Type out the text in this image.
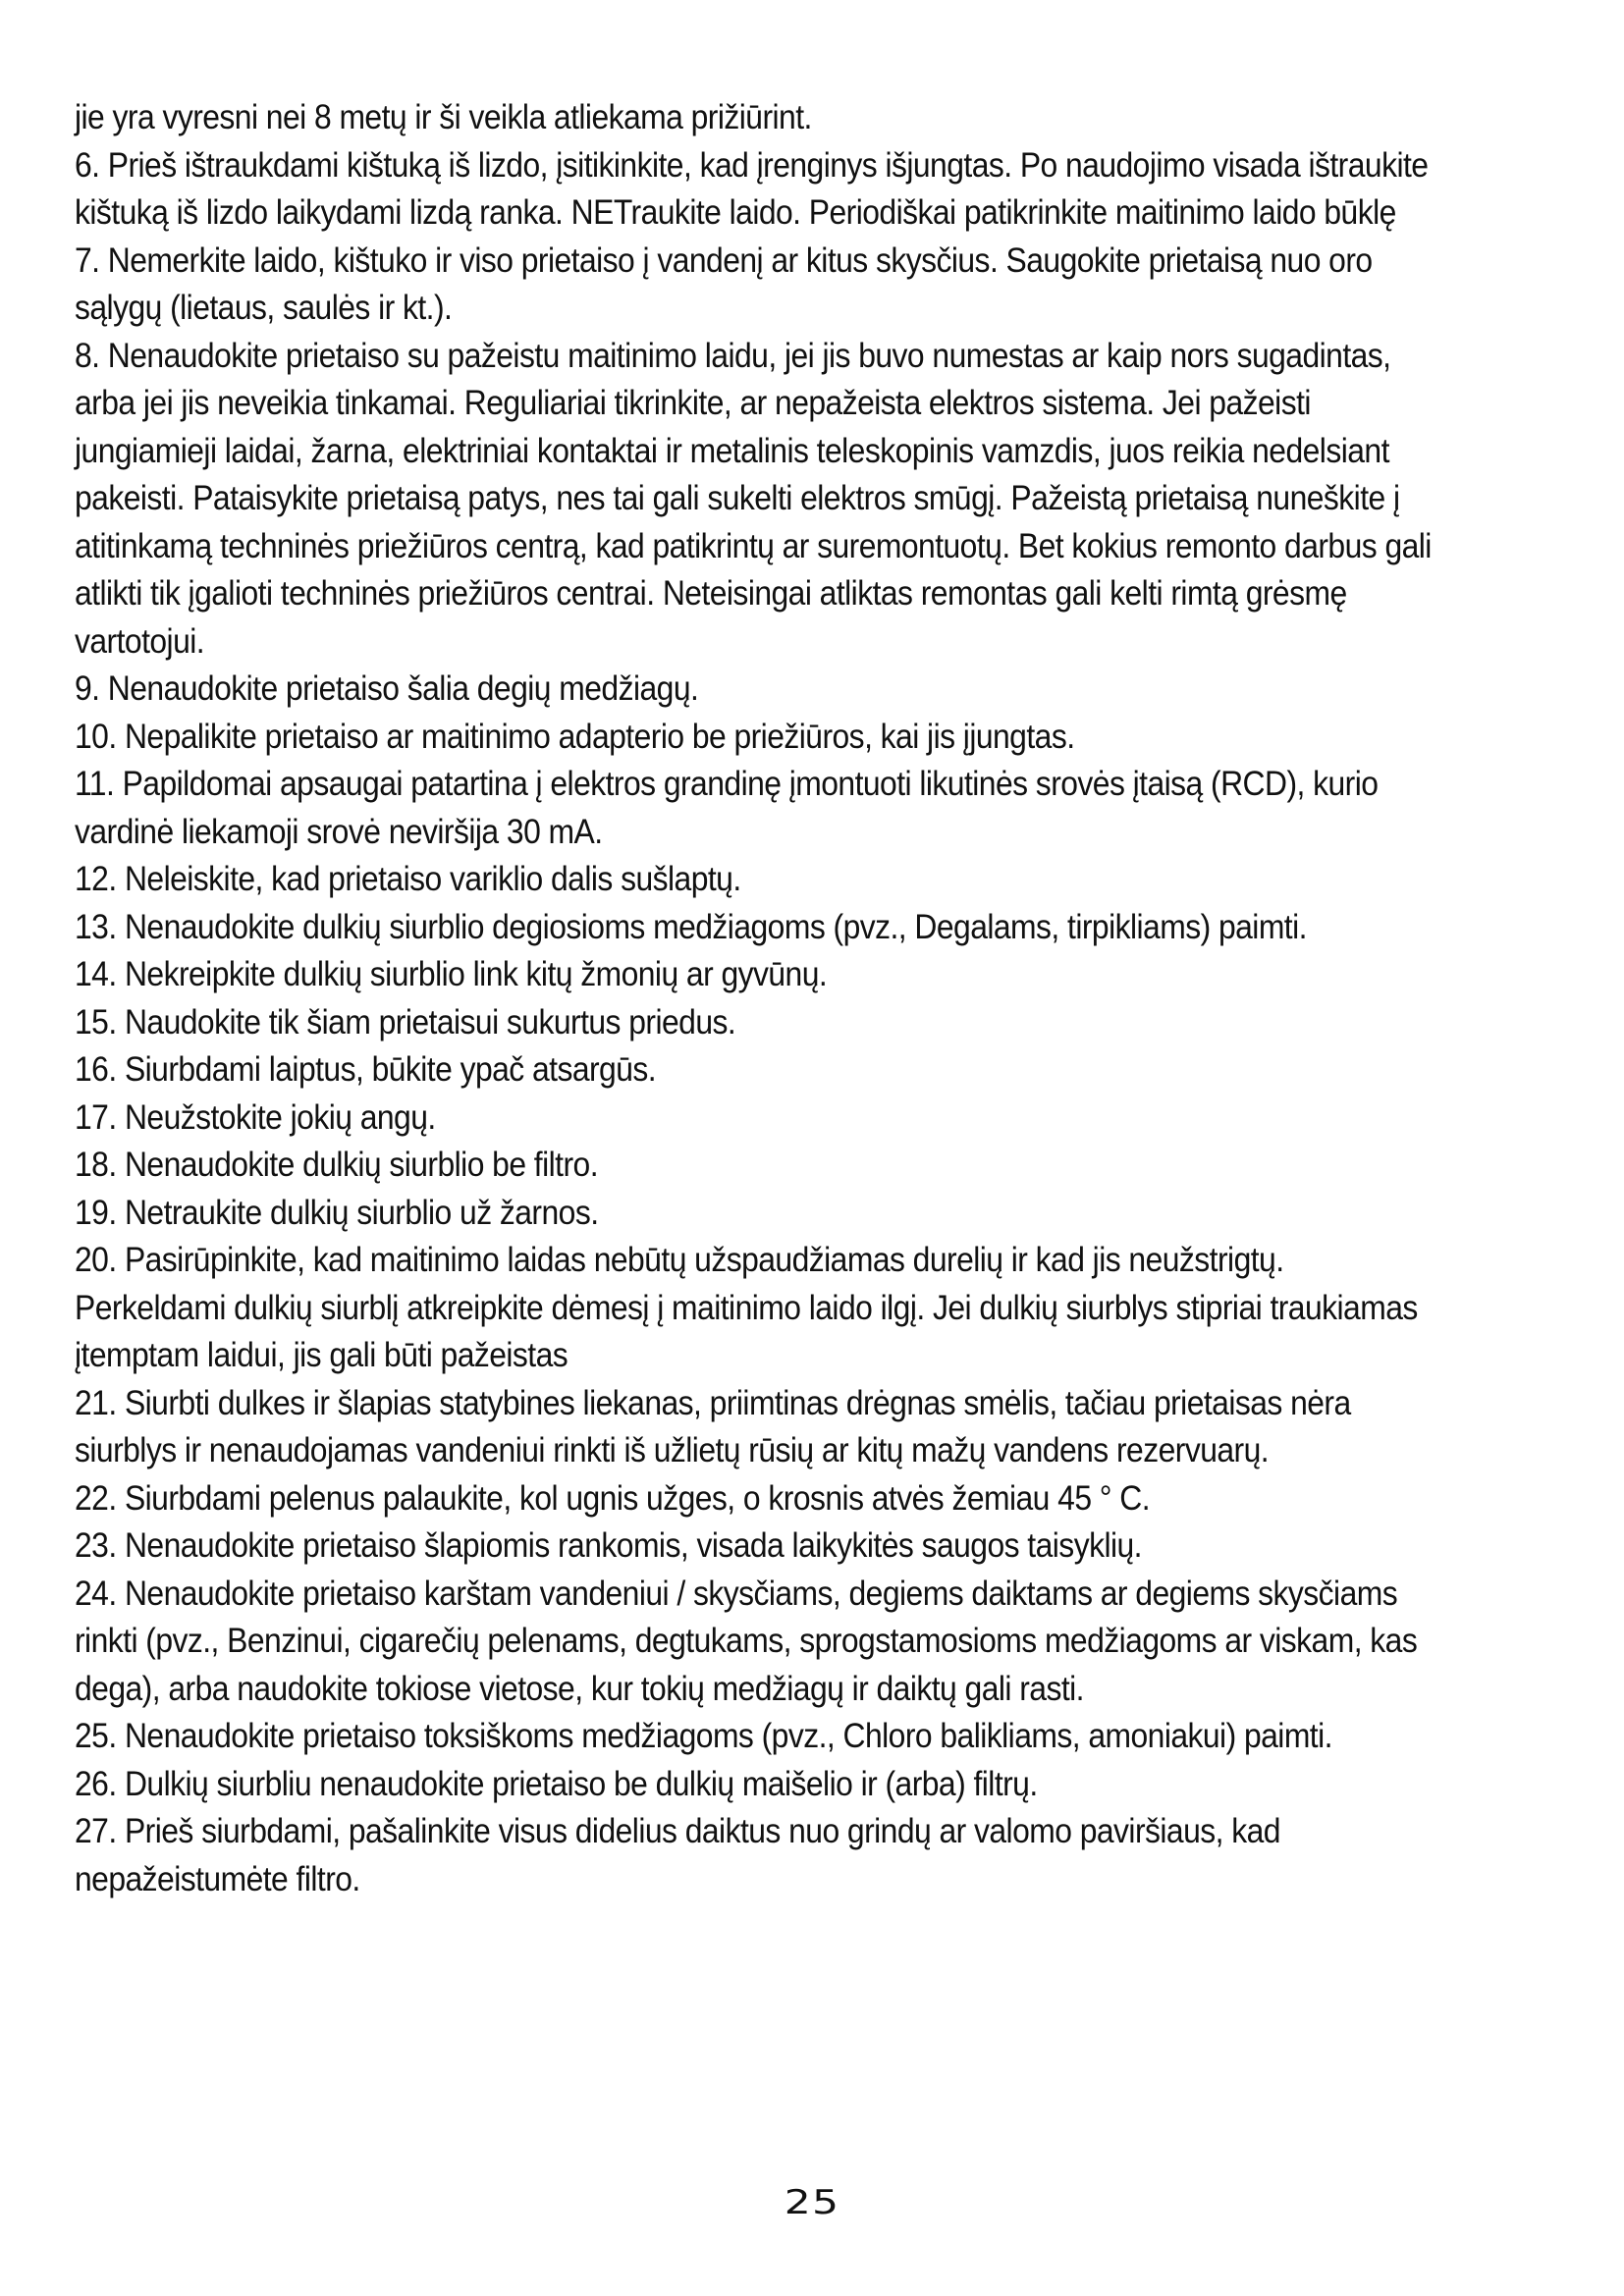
jie yra vyresni nei 8 metų ir ši veikla atliekama prižiūrint.

6. Prieš ištraukdami kištuką iš lizdo, įsitikinkite, kad įrenginys išjungtas. Po naudojimo visada ištraukite kištuką iš lizdo laikydami lizdą ranka. NETraukite laido. Periodiškai patikrinkite maitinimo laido būklę

7. Nemerkite laido, kištuko ir viso prietaiso į vandenį ar kitus skysčius. Saugokite prietaisą nuo oro sąlygų (lietaus, saulės ir kt.).

8. Nenaudokite prietaiso su pažeistu maitinimo laidu, jei jis buvo numestas ar kaip nors sugadintas, arba jei jis neveikia tinkamai. Reguliariai tikrinkite, ar nepažeista elektros sistema. Jei pažeisti jungiamieji laidai, žarna, elektriniai kontaktai ir metalinis teleskopinis vamzdis, juos reikia nedelsiant pakeisti. Pataisykite prietaisą patys, nes tai gali sukelti elektros smūgį. Pažeistą prietaisą nuneškite į atitinkamą techninės priežiūros centrą, kad patikrintų ar suremontuotų. Bet kokius remonto darbus gali atlikti tik įgalioti techninės priežiūros centrai. Neteisingai atliktas remontas gali kelti rimtą grėsmę vartotojui.

9. Nenaudokite prietaiso šalia degių medžiagų.

10. Nepalikite prietaiso ar maitinimo adapterio be priežiūros, kai jis įjungtas.

11. Papildomai apsaugai patartina į elektros grandinę įmontuoti likutinės srovės įtaisą (RCD), kurio vardinė liekamoji srovė neviršija 30 mA.

12. Neleiskite, kad prietaiso variklio dalis sušlaptų.

13. Nenaudokite dulkių siurblio degiosioms medžiagoms (pvz., Degalams, tirpikliams) paimti.

14. Nekreipkite dulkių siurblio link kitų žmonių ar gyvūnų.

15. Naudokite tik šiam prietaisui sukurtus priedus.

16. Siurbdami laiptus, būkite ypač atsargūs.

17. Neužstokite jokių angų.

18. Nenaudokite dulkių siurblio be filtro.

19. Netraukite dulkių siurblio už žarnos.

20. Pasirūpinkite, kad maitinimo laidas nebūtų užspaudžiamas durelių ir kad jis neužstrigtų. Perkeldami dulkių siurblį atkreipkite dėmesį į maitinimo laido ilgį. Jei dulkių siurblys stipriai traukiamas įtemptam laidui, jis gali būti pažeistas

21. Siurbti dulkes ir šlapias statybines liekanas, priimtinas drėgnas smėlis, tačiau prietaisas nėra siurblys ir nenaudojamas vandeniui rinkti iš užlietų rūsių ar kitų mažų vandens rezervuarų.

22. Siurbdami pelenus palaukite, kol ugnis užges, o krosnis atvės žemiau 45 ° C.

23. Nenaudokite prietaiso šlapiomis rankomis, visada laikykitės saugos taisyklių.

24. Nenaudokite prietaiso karštam vandeniui / skysčiams, degiems daiktams ar degiems skysčiams rinkti (pvz., Benzinui, cigarečių pelenams, degtukams, sprogstamosioms medžiagoms ar viskam, kas dega), arba naudokite tokiose vietose, kur tokių medžiagų ir daiktų gali rasti.

25. Nenaudokite prietaiso toksiškoms medžiagoms (pvz., Chloro balikliams, amoniakui) paimti.

26. Dulkių siurbliu nenaudokite prietaiso be dulkių maišelio ir (arba) filtrų.

27. Prieš siurbdami, pašalinkite visus didelius daiktus nuo grindų ar valomo paviršiaus, kad nepažeistumėte filtro.

25
